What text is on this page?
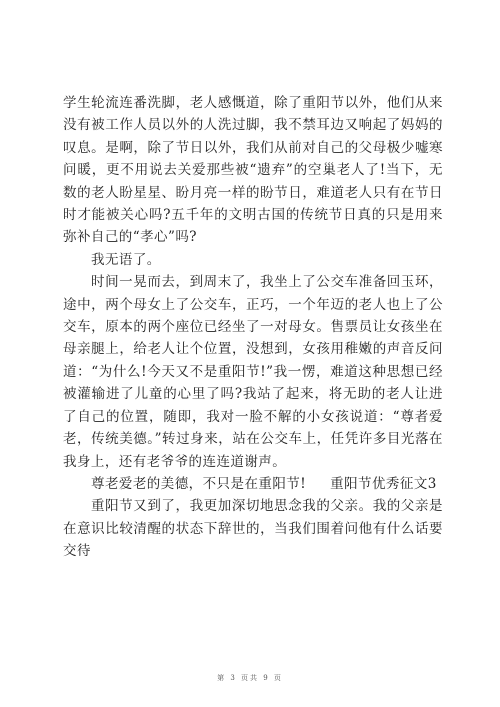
学生轮流连番洗脚，老人感慨道，除了重阳节以外，他们从来没有被工作人员以外的人洗过脚，我不禁耳边又响起了妈妈的叹息。是啊，除了节日以外，我们从前对自己的父母极少嘘寒问暖，更不用说去关爱那些被“遗弃”的空巢老人了!当下，无数的老人盼星星、盼月亮一样的盼节日，难道老人只有在节日时才能被关心吗?五千年的文明古国的传统节日真的只是用来弥补自己的“孝心”吗?

我无语了。

时间一晃而去，到周末了，我坐上了公交车准备回玉环，途中，两个母女上了公交车，正巧，一个年迈的老人也上了公交车，原本的两个座位已经坐了一对母女。售票员让女孩坐在母亲腿上，给老人让个位置，没想到，女孩用稚嫩的声音反问道：“为什么!今天又不是重阳节!”我一愣，难道这种思想已经被灌输进了儿童的心里了吗?我站了起来，将无助的老人让进了自己的位置，随即，我对一脸不解的小女孩说道：“尊者爱老，传统美德。”转过身来，站在公交车上，任凭许多目光落在我身上，还有老爷爷的连连道谢声。

尊老爱老的美德，不只是在重阳节! 重阳节优秀征文3

重阳节又到了，我更加深切地思念我的父亲。我的父亲是在意识比较清醒的状态下辞世的，当我们围着问他有什么话要交待

第 3 页共 9 页
